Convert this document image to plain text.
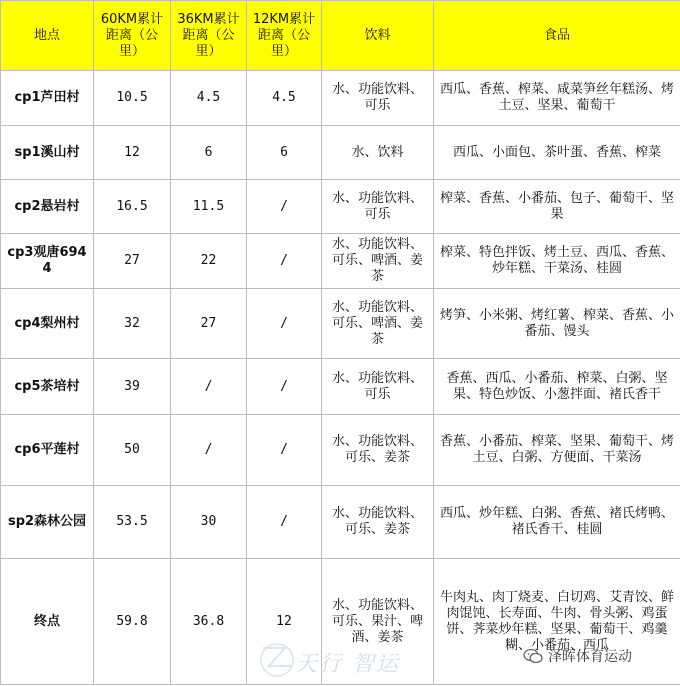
地点	60KM累计距离（公里）	36KM累计距离（公里）	12KM累计距离（公里）	饮料	食品
cp1芦田村	10.5	4.5	4.5	水、功能饮料、可乐	西瓜、香蕉、榨菜、咸菜笋丝年糕汤、烤土豆、坚果、葡萄干
sp1溪山村	12	6	6	水、饮料	西瓜、小面包、茶叶蛋、香蕉、榨菜
cp2悬岩村	16.5	11.5	/	水、功能饮料、可乐	榨菜、香蕉、小番茄、包子、葡萄干、坚果
cp3观唐6944	27	22	/	水、功能饮料、可乐、啤酒、姜茶	榨菜、特色拌饭、烤土豆、西瓜、香蕉、炒年糕、干菜汤、桂圆
cp4梨州村	32	27	/	水、功能饮料、可乐、啤酒、姜茶	烤笋、小米粥、烤红薯、榨菜、香蕉、小番茄、馒头
cp5茶培村	39	/	/	水、功能饮料、可乐	香蕉、西瓜、小番茄、榨菜、白粥、坚果、特色炒饭、小葱拌面、褚氏香干
cp6平莲村	50	/	/	水、功能饮料、可乐、姜茶	香蕉、小番茄、榨菜、坚果、葡萄干、烤土豆、白粥、方便面、干菜汤
sp2森林公园	53.5	30	/	水、功能饮料、可乐、姜茶	西瓜、炒年糕、白粥、香蕉、褚氏烤鸭、褚氏香干、桂圆
终点	59.8	36.8	12	水、功能饮料、可乐、果汁、啤酒、姜茶	牛肉丸、肉丁烧麦、白切鸡、艾青饺、鲜肉馄饨、长寿面、牛肉、骨头粥、鸡蛋饼、荠菜炒年糕、坚果、葡萄干、鸡羹糊、小番茄、西瓜
天行 智运	泽晖体育运动
